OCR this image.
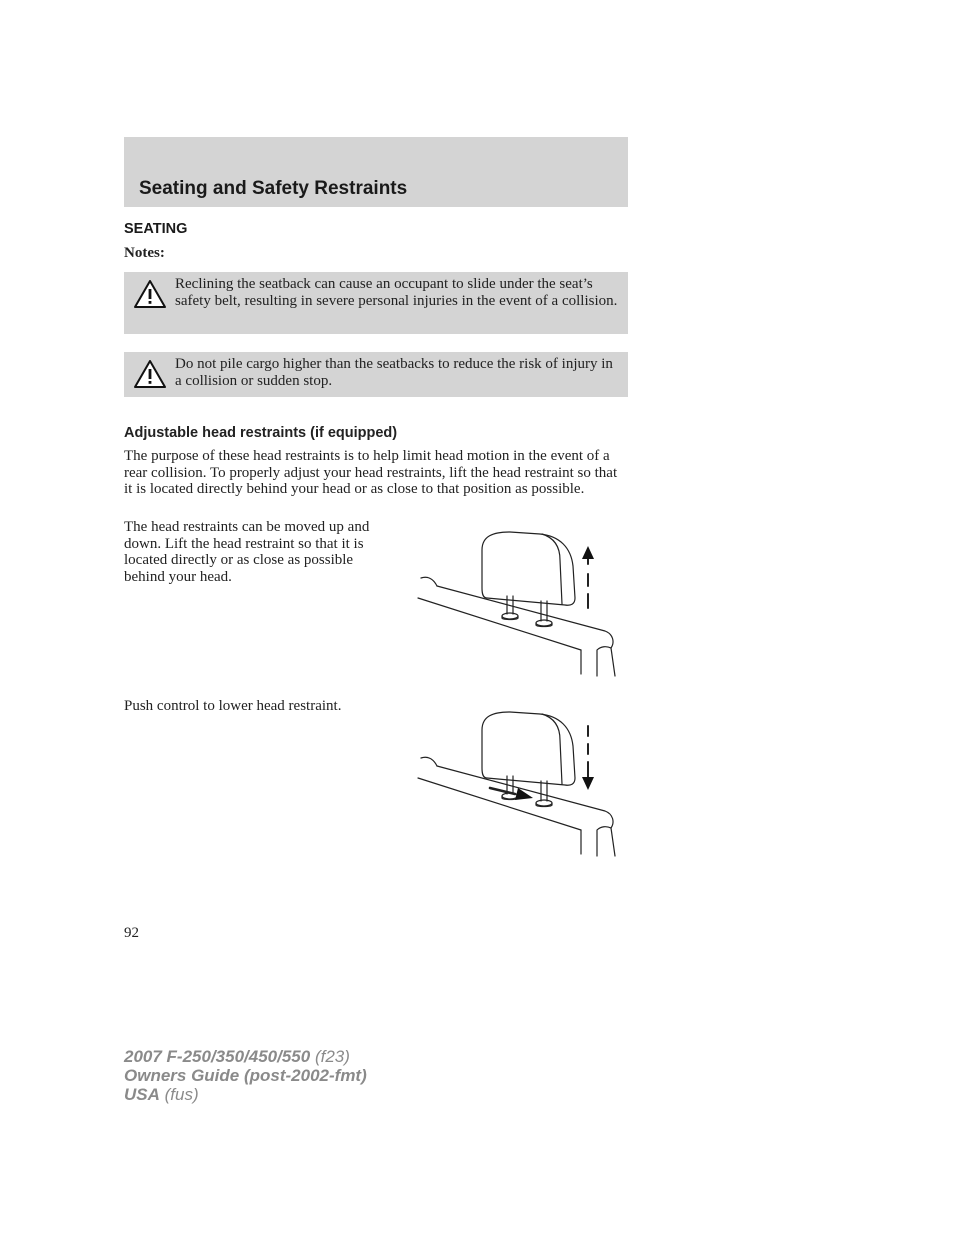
Seating and Safety Restraints
SEATING

Notes:

Reclining the seatback can cause an occupant to slide under the seat’s safety belt, resulting in severe personal injuries in the event of a collision.
Do not pile cargo higher than the seatbacks to reduce the risk of injury in a collision or sudden stop.
Adjustable head restraints (if equipped)

The purpose of these head restraints is to help limit head motion in the event of a rear collision. To properly adjust your head restraints, lift the head restraint so that it is located directly behind your head or as close to that position as possible.

The head restraints can be moved up and down. Lift the head restraint so that it is located directly or as close as possible behind your head.

Push control to lower head restraint.

92

2007 F-250/350/450/550 (f23)
Owners Guide (post-2002-fmt)
USA (fus)
